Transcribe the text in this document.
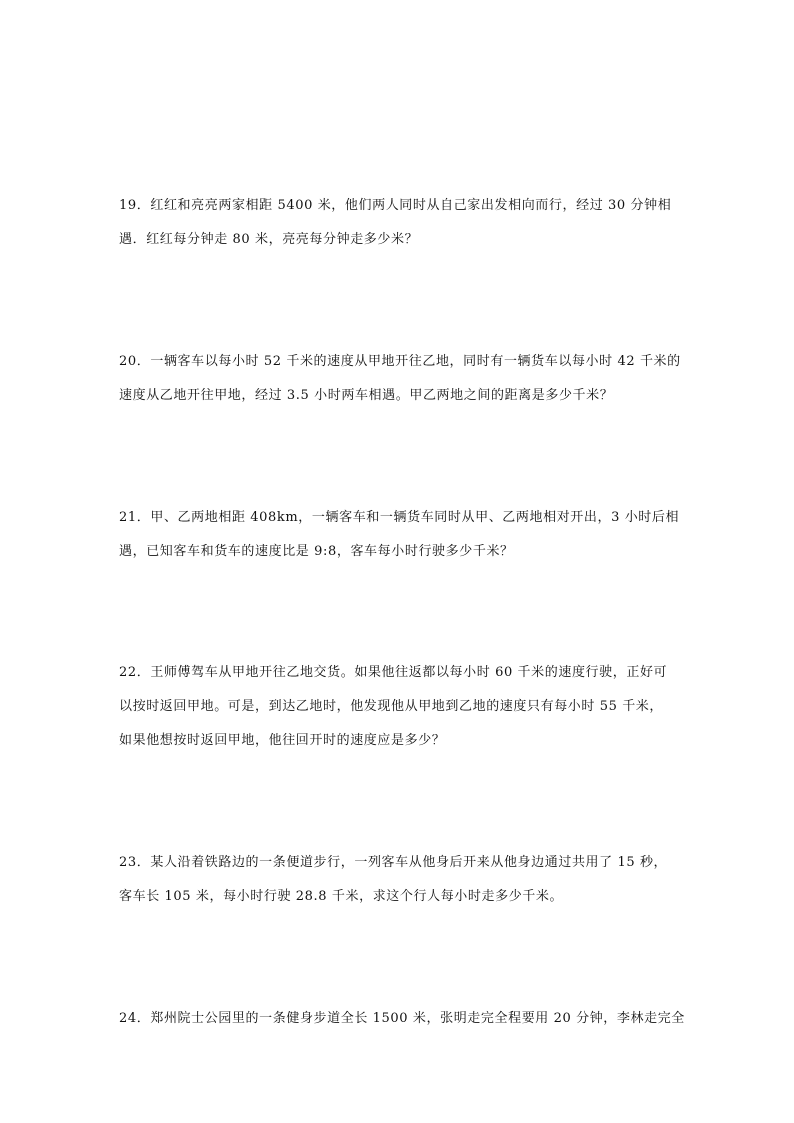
19．红红和亮亮两家相距 5400 米，他们两人同时从自己家出发相向而行，经过 30 分钟相
遇．红红每分钟走 80 米，亮亮每分钟走多少米？
20．一辆客车以每小时 52 千米的速度从甲地开往乙地，同时有一辆货车以每小时 42 千米的
速度从乙地开往甲地，经过 3.5 小时两车相遇。甲乙两地之间的距离是多少千米？
21．甲、乙两地相距 408km，一辆客车和一辆货车同时从甲、乙两地相对开出，3 小时后相
遇，已知客车和货车的速度比是 9:8，客车每小时行驶多少千米？
22．王师傅驾车从甲地开往乙地交货。如果他往返都以每小时 60 千米的速度行驶，正好可
以按时返回甲地。可是，到达乙地时，他发现他从甲地到乙地的速度只有每小时 55 千米，
如果他想按时返回甲地，他往回开时的速度应是多少？
23．某人沿着铁路边的一条便道步行，一列客车从他身后开来从他身边通过共用了 15 秒，
客车长 105 米，每小时行驶 28.8 千米，求这个行人每小时走多少千米。
24．郑州院士公园里的一条健身步道全长 1500 米，张明走完全程要用 20 分钟，李林走完全
